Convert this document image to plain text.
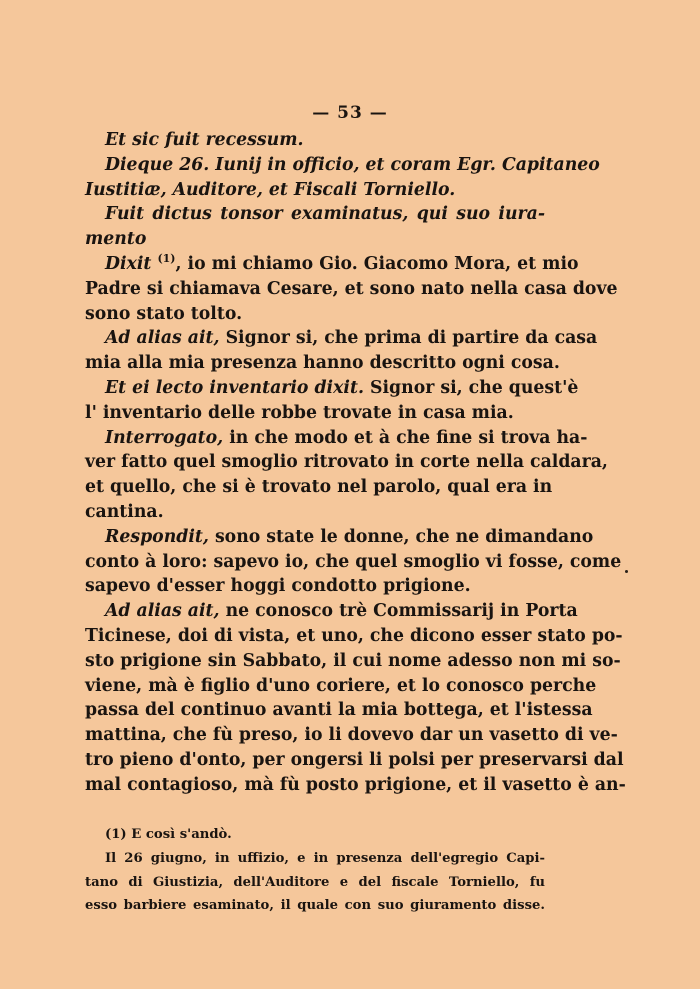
— 53 —
Et sic fuit recessum.
Dieque 26. Iunij in officio, et coram Egr. Capitaneo
Iustitiæ, Auditore, et Fiscali Torniello.
Fuit dictus tonsor examinatus, qui suo iura-
mento
Dixit $^{(1)}$, io mi chiamo Gio. Giacomo Mora, et mio
Padre si chiamava Cesare, et sono nato nella casa dove
sono stato tolto.
Ad alias ait, Signor si, che prima di partire da casa
mia alla mia presenza hanno descritto ogni cosa.
Et ei lecto inventario dixit. Signor si, che quest'è
l' inventario delle robbe trovate in casa mia.
Interrogato, in che modo et à che fine si trova ha-
ver fatto quel smoglio ritrovato in corte nella caldara,
et quello, che si è trovato nel parolo, qual era in
cantina.
Respondit, sono state le donne, che ne dimandano
conto à loro: sapevo io, che quel smoglio vi fosse, come
sapevo d'esser hoggi condotto prigione.
Ad alias ait, ne conosco trè Commissarij in Porta
Ticinese, doi di vista, et uno, che dicono esser stato po-
sto prigione sin Sabbato, il cui nome adesso non mi so-
viene, mà è figlio d'uno coriere, et lo conosco perche
passa del continuo avanti la mia bottega, et l'istessa
mattina, che fù preso, io li dovevo dar un vasetto di ve-
tro pieno d'onto, per ongersi li polsi per preservarsi dal
mal contagioso, mà fù posto prigione, et il vasetto è an-
(1) E così s'andò.
Il 26 giugno, in uffizio, e in presenza dell'egregio Capi-
tano di Giustizia, dell'Auditore e del fiscale Torniello, fu
esso barbiere esaminato, il quale con suo giuramento disse.
